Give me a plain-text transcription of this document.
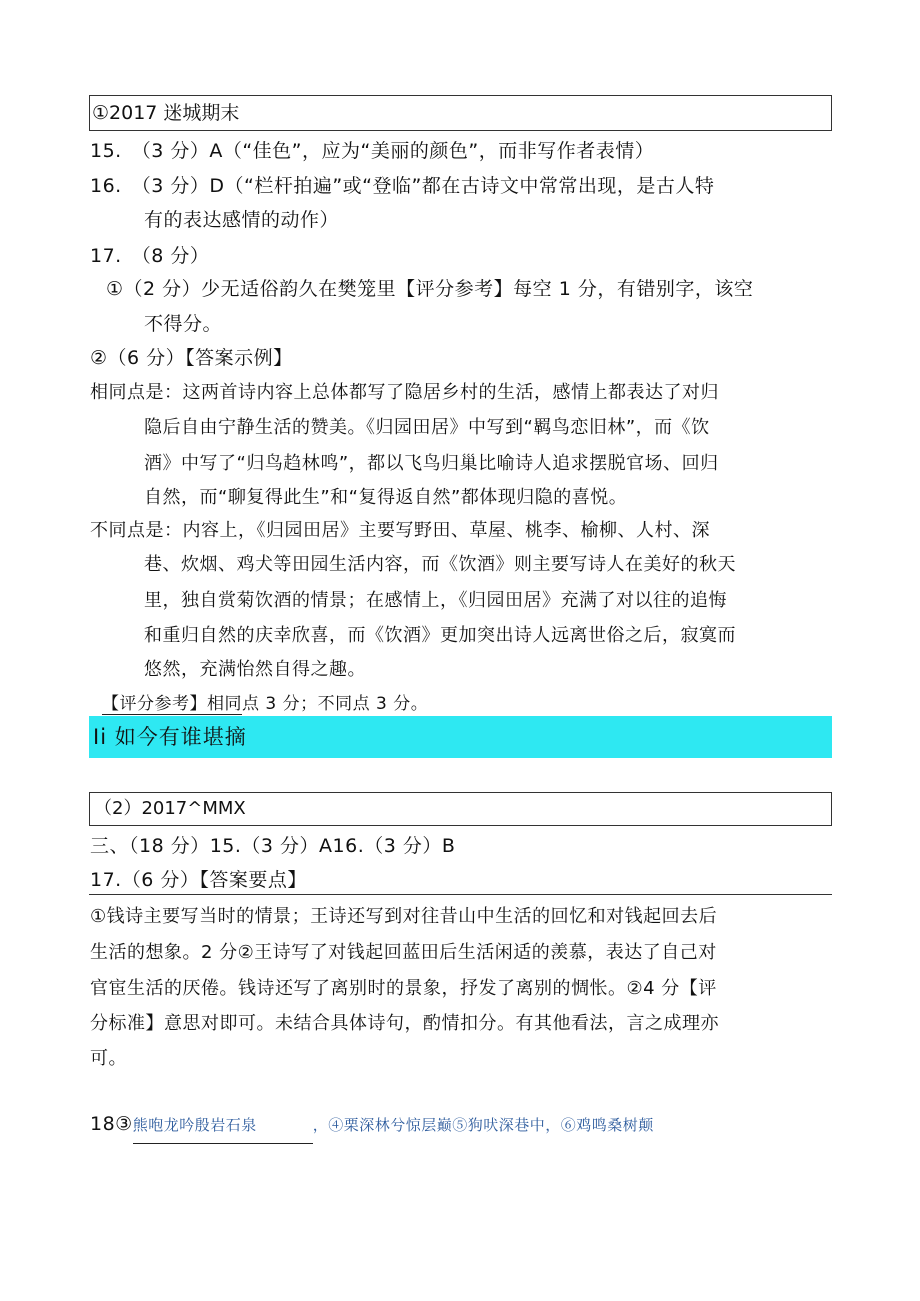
①2017 迷城期末
15.　（3 分）A（“佳色”，应为“美丽的颜色”，而非写作者表情）
16.　（3 分）D（“栏杆拍遍”或“登临”都在古诗文中常常出现，是古人特
有的表达感情的动作）
17.　（8 分）
①（2 分）少无适俗韵久在樊笼里【评分参考】每空 1 分，有错别字，该空
不得分。
②（6 分）【答案示例】
相同点是：这两首诗内容上总体都写了隐居乡村的生活，感情上都表达了对归
隐后自由宁静生活的赞美。《归园田居》中写到“羁鸟恋旧林”，而《饮
酒》中写了“归鸟趋林鸣”，都以飞鸟归巢比喻诗人追求摆脱官场、回归
自然，而“聊复得此生”和“复得返自然”都体现归隐的喜悦。
不同点是：内容上，《归园田居》主要写野田、草屋、桃李、榆柳、人村、深
巷、炊烟、鸡犬等田园生活内容，而《饮酒》则主要写诗人在美好的秋天
里，独自赏菊饮酒的情景；在感情上，《归园田居》充满了对以往的追悔
和重归自然的庆幸欣喜，而《饮酒》更加突出诗人远离世俗之后，寂寞而
悠然，充满怡然自得之趣。
【评分参考】相同点 3 分；不同点 3 分。
Ii 如今有谁堪摘
（2）2017^MMX
三、（18 分）15.（3 分）A16.（3 分）B
17.（6 分）【答案要点】
①钱诗主要写当时的情景；王诗还写到对往昔山中生活的回忆和对钱起回去后
生活的想象。2 分②王诗写了对钱起回蓝田后生活闲适的羡慕，表达了自己对
官宦生活的厌倦。钱诗还写了离别时的景象，抒发了离别的惆怅。②4 分【评
分标准】意思对即可。未结合具体诗句，酌情扣分。有其他看法，言之成理亦
可。
18③熊咆龙吟殷岩石泉	，④栗深林兮惊层巅⑤狗吠深巷中，⑥鸡鸣桑树颠
